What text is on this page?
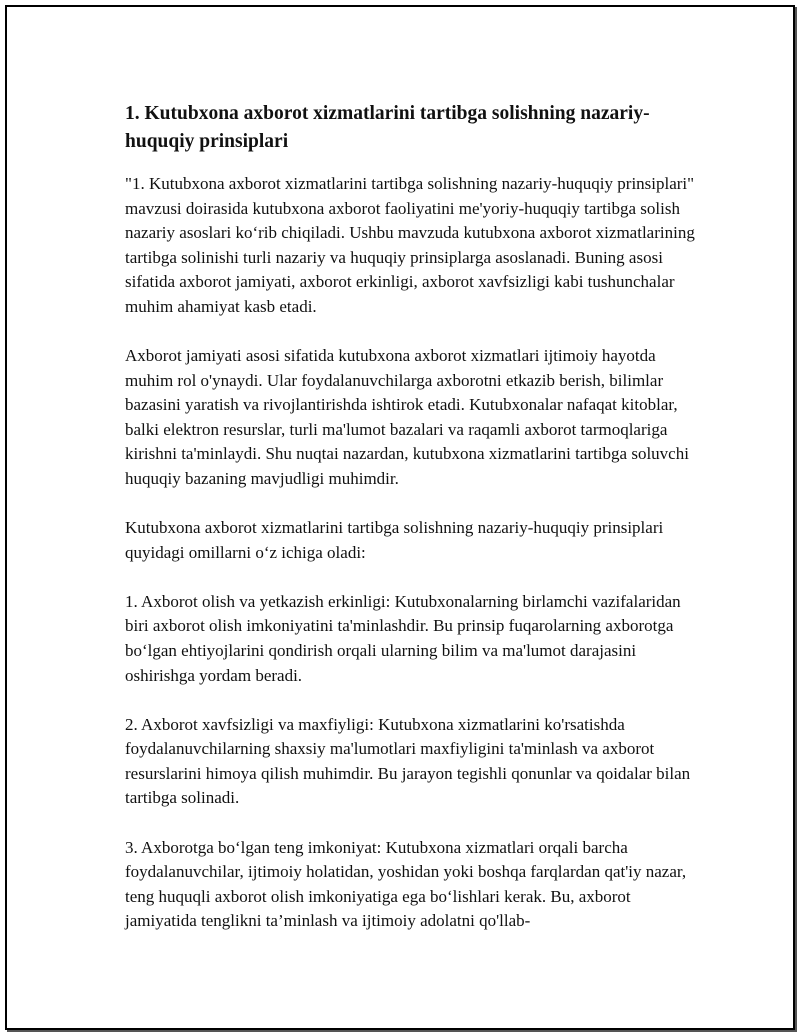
1. Kutubxona axborot xizmatlarini tartibga solishning nazariy-huquqiy prinsiplari

"1. Kutubxona axborot xizmatlarini tartibga solishning nazariy-huquqiy prinsiplari" mavzusi doirasida kutubxona axborot faoliyatini me'yoriy-huquqiy tartibga solish nazariy asoslari ko‘rib chiqiladi. Ushbu mavzuda kutubxona axborot xizmatlarining tartibga solinishi turli nazariy va huquqiy prinsiplarga asoslanadi. Buning asosi sifatida axborot jamiyati, axborot erkinligi, axborot xavfsizligi kabi tushunchalar muhim ahamiyat kasb etadi.

Axborot jamiyati asosi sifatida kutubxona axborot xizmatlari ijtimoiy hayotda muhim rol o'ynaydi. Ular foydalanuvchilarga axborotni etkazib berish, bilimlar bazasini yaratish va rivojlantirishda ishtirok etadi. Kutubxonalar nafaqat kitoblar, balki elektron resurslar, turli ma'lumot bazalari va raqamli axborot tarmoqlariga kirishni ta'minlaydi. Shu nuqtai nazardan, kutubxona xizmatlarini tartibga soluvchi huquqiy bazaning mavjudligi muhimdir.

Kutubxona axborot xizmatlarini tartibga solishning nazariy-huquqiy prinsiplari quyidagi omillarni o‘z ichiga oladi:

1. Axborot olish va yetkazish erkinligi: Kutubxonalarning birlamchi vazifalaridan biri axborot olish imkoniyatini ta'minlashdir. Bu prinsip fuqarolarning axborotga bo‘lgan ehtiyojlarini qondirish orqali ularning bilim va ma'lumot darajasini oshirishga yordam beradi.

2. Axborot xavfsizligi va maxfiyligi: Kutubxona xizmatlarini ko'rsatishda foydalanuvchilarning shaxsiy ma'lumotlari maxfiyligini ta'minlash va axborot resurslarini himoya qilish muhimdir. Bu jarayon tegishli qonunlar va qoidalar bilan tartibga solinadi.

3. Axborotga bo‘lgan teng imkoniyat: Kutubxona xizmatlari orqali barcha foydalanuvchilar, ijtimoiy holatidan, yoshidan yoki boshqa farqlardan qat'iy nazar, teng huquqli axborot olish imkoniyatiga ega bo‘lishlari kerak. Bu, axborot jamiyatida tenglikni ta’minlash va ijtimoiy adolatni qo'llab-
